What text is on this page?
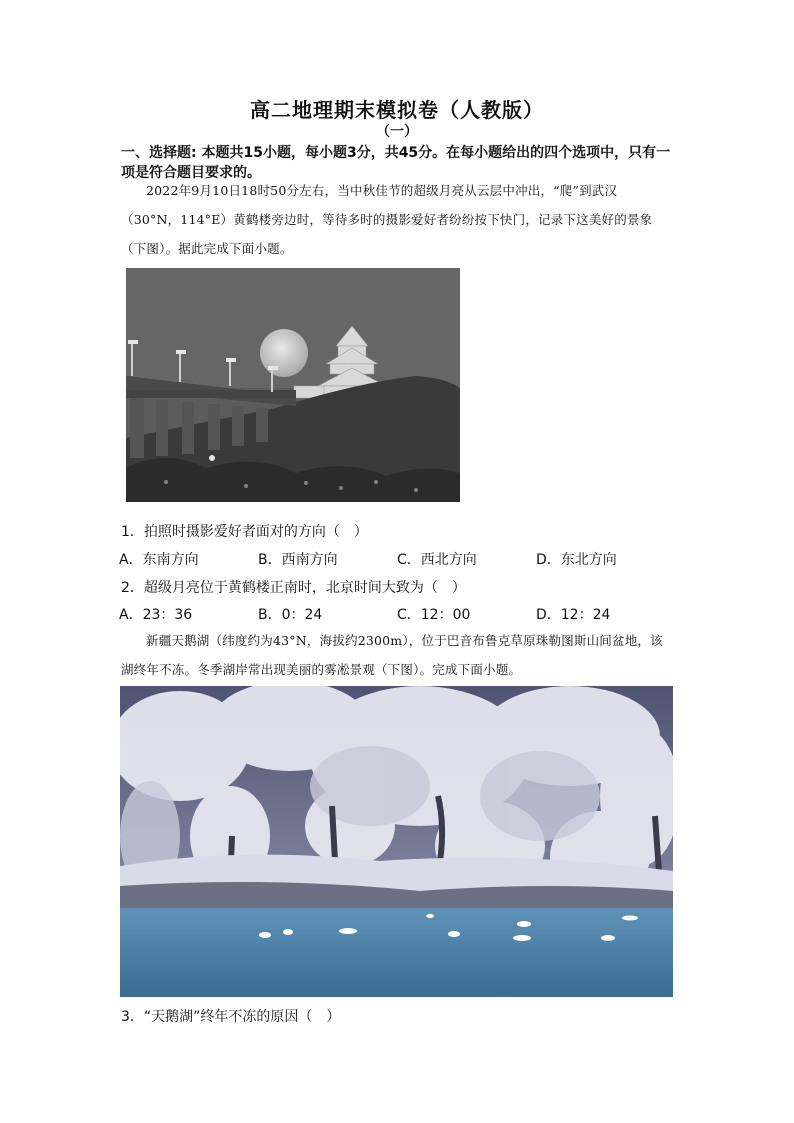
高二地理期末模拟卷（人教版）
（一）
一、选择题: 本题共15小题，每小题3分，共45分。在每小题给出的四个选项中，只有一项是符合题目要求的。
2022年9月10日18时50分左右，当中秋佳节的超级月亮从云层中冲出，“爬”到武汉（30°N，114°E）黄鹤楼旁边时，等待多时的摄影爱好者纷纷按下快门，记录下这美好的景象（下图）。据此完成下面小题。
1．拍照时摄影爱好者面对的方向（　）
A．东南方向	B．西南方向	C．西北方向	D．东北方向
2．超级月亮位于黄鹤楼正南时，北京时间大致为（　）
A．23：36	B．0：24	C．12：00	D．12：24
新疆天鹅湖（纬度约为43°N，海拔约2300m），位于巴音布鲁克草原珠勒图斯山间盆地，该湖终年不冻。冬季湖岸常出现美丽的雾凇景观（下图）。完成下面小题。
3．“天鹅湖”终年不冻的原因（　）
